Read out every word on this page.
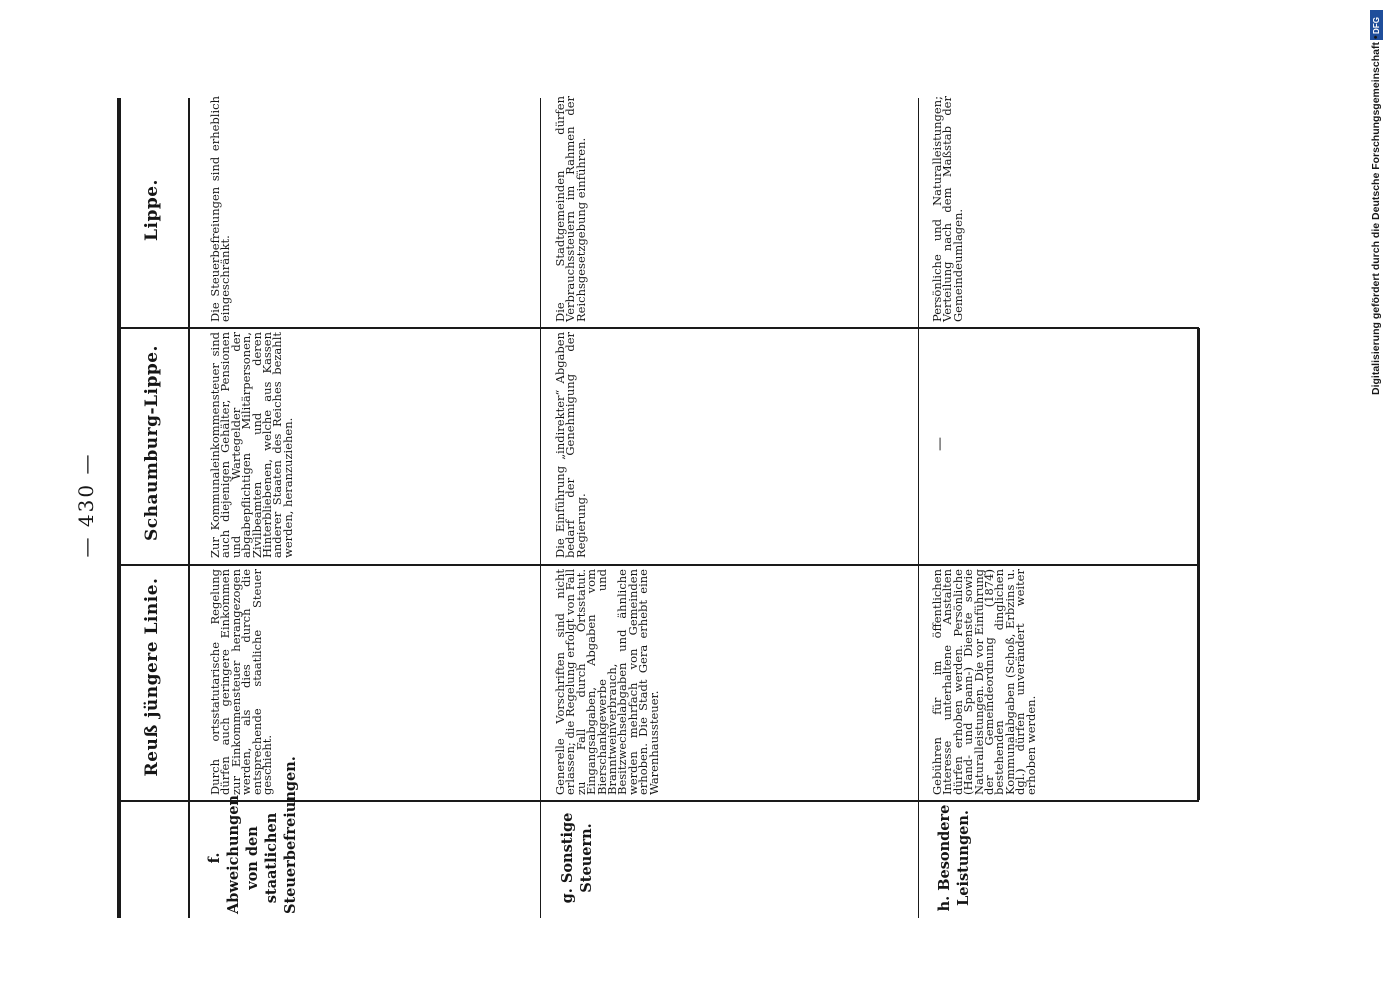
— 430 —
Reuß jüngere Linie.
Schaumburg-Lippe.
Lippe.
f. Abweichungen von den staatlichen Steuerbefreiungen.	g. Sonstige Steuern.	h. Besondere Leistungen.
Durch ortsstatutarische Regelung dürfen auch geringere Einkommen zur Einkommensteuer herangezogen werden, als dies durch die entsprechende staatliche Steuer geschieht.
Zur Kommunaleinkommensteuer sind auch diejenigen Gehälter, Pensionen und Wartegelder der abgabepflichtigen Militärpersonen, Zivilbeamten und deren Hinterbliebenen, welche aus Kassen anderer Staaten des Reiches bezahlt werden, heranzuziehen.
Die Steuerbefreiungen sind erheblich eingeschränkt.
Generelle Vorschriften sind nicht erlassen; die Regelung erfolgt von Fall zu Fall durch Ortsstatut. Eingangsabgaben, Abgaben vom Bierschankgewerbe und Branntweinverbrauch, Besitzwechselabgaben und ähnliche werden mehrfach von Gemeinden erhoben. Die Stadt Gera erhebt eine Warenhaussteuer.
Die Einführung „indirekter“ Abgaben bedarf der Genehmigung der Regierung.
Die Stadtgemeinden dürfen Verbrauchssteuern im Rahmen der Reichsgesetzgebung einführen.
Gebühren für im öffentlichen Interesse unterhaltene Anstalten dürfen erhoben werden. Persönliche (Hand- und Spann-) Dienste sowie Naturalleistungen. Die vor Einführung der Gemeindeordnung (1874) bestehenden dinglichen Kommunalabgaben (Schoß, Erbzins u. dgl.) dürfen unverändert weiter erhoben werden.
—
Persönliche und Naturalleistungen; Verteilung nach dem Maßstab der Gemeindeumlagen.
DFG
Digitalisierung gefördert durch die Deutsche Forschungsgemeinschaft •
